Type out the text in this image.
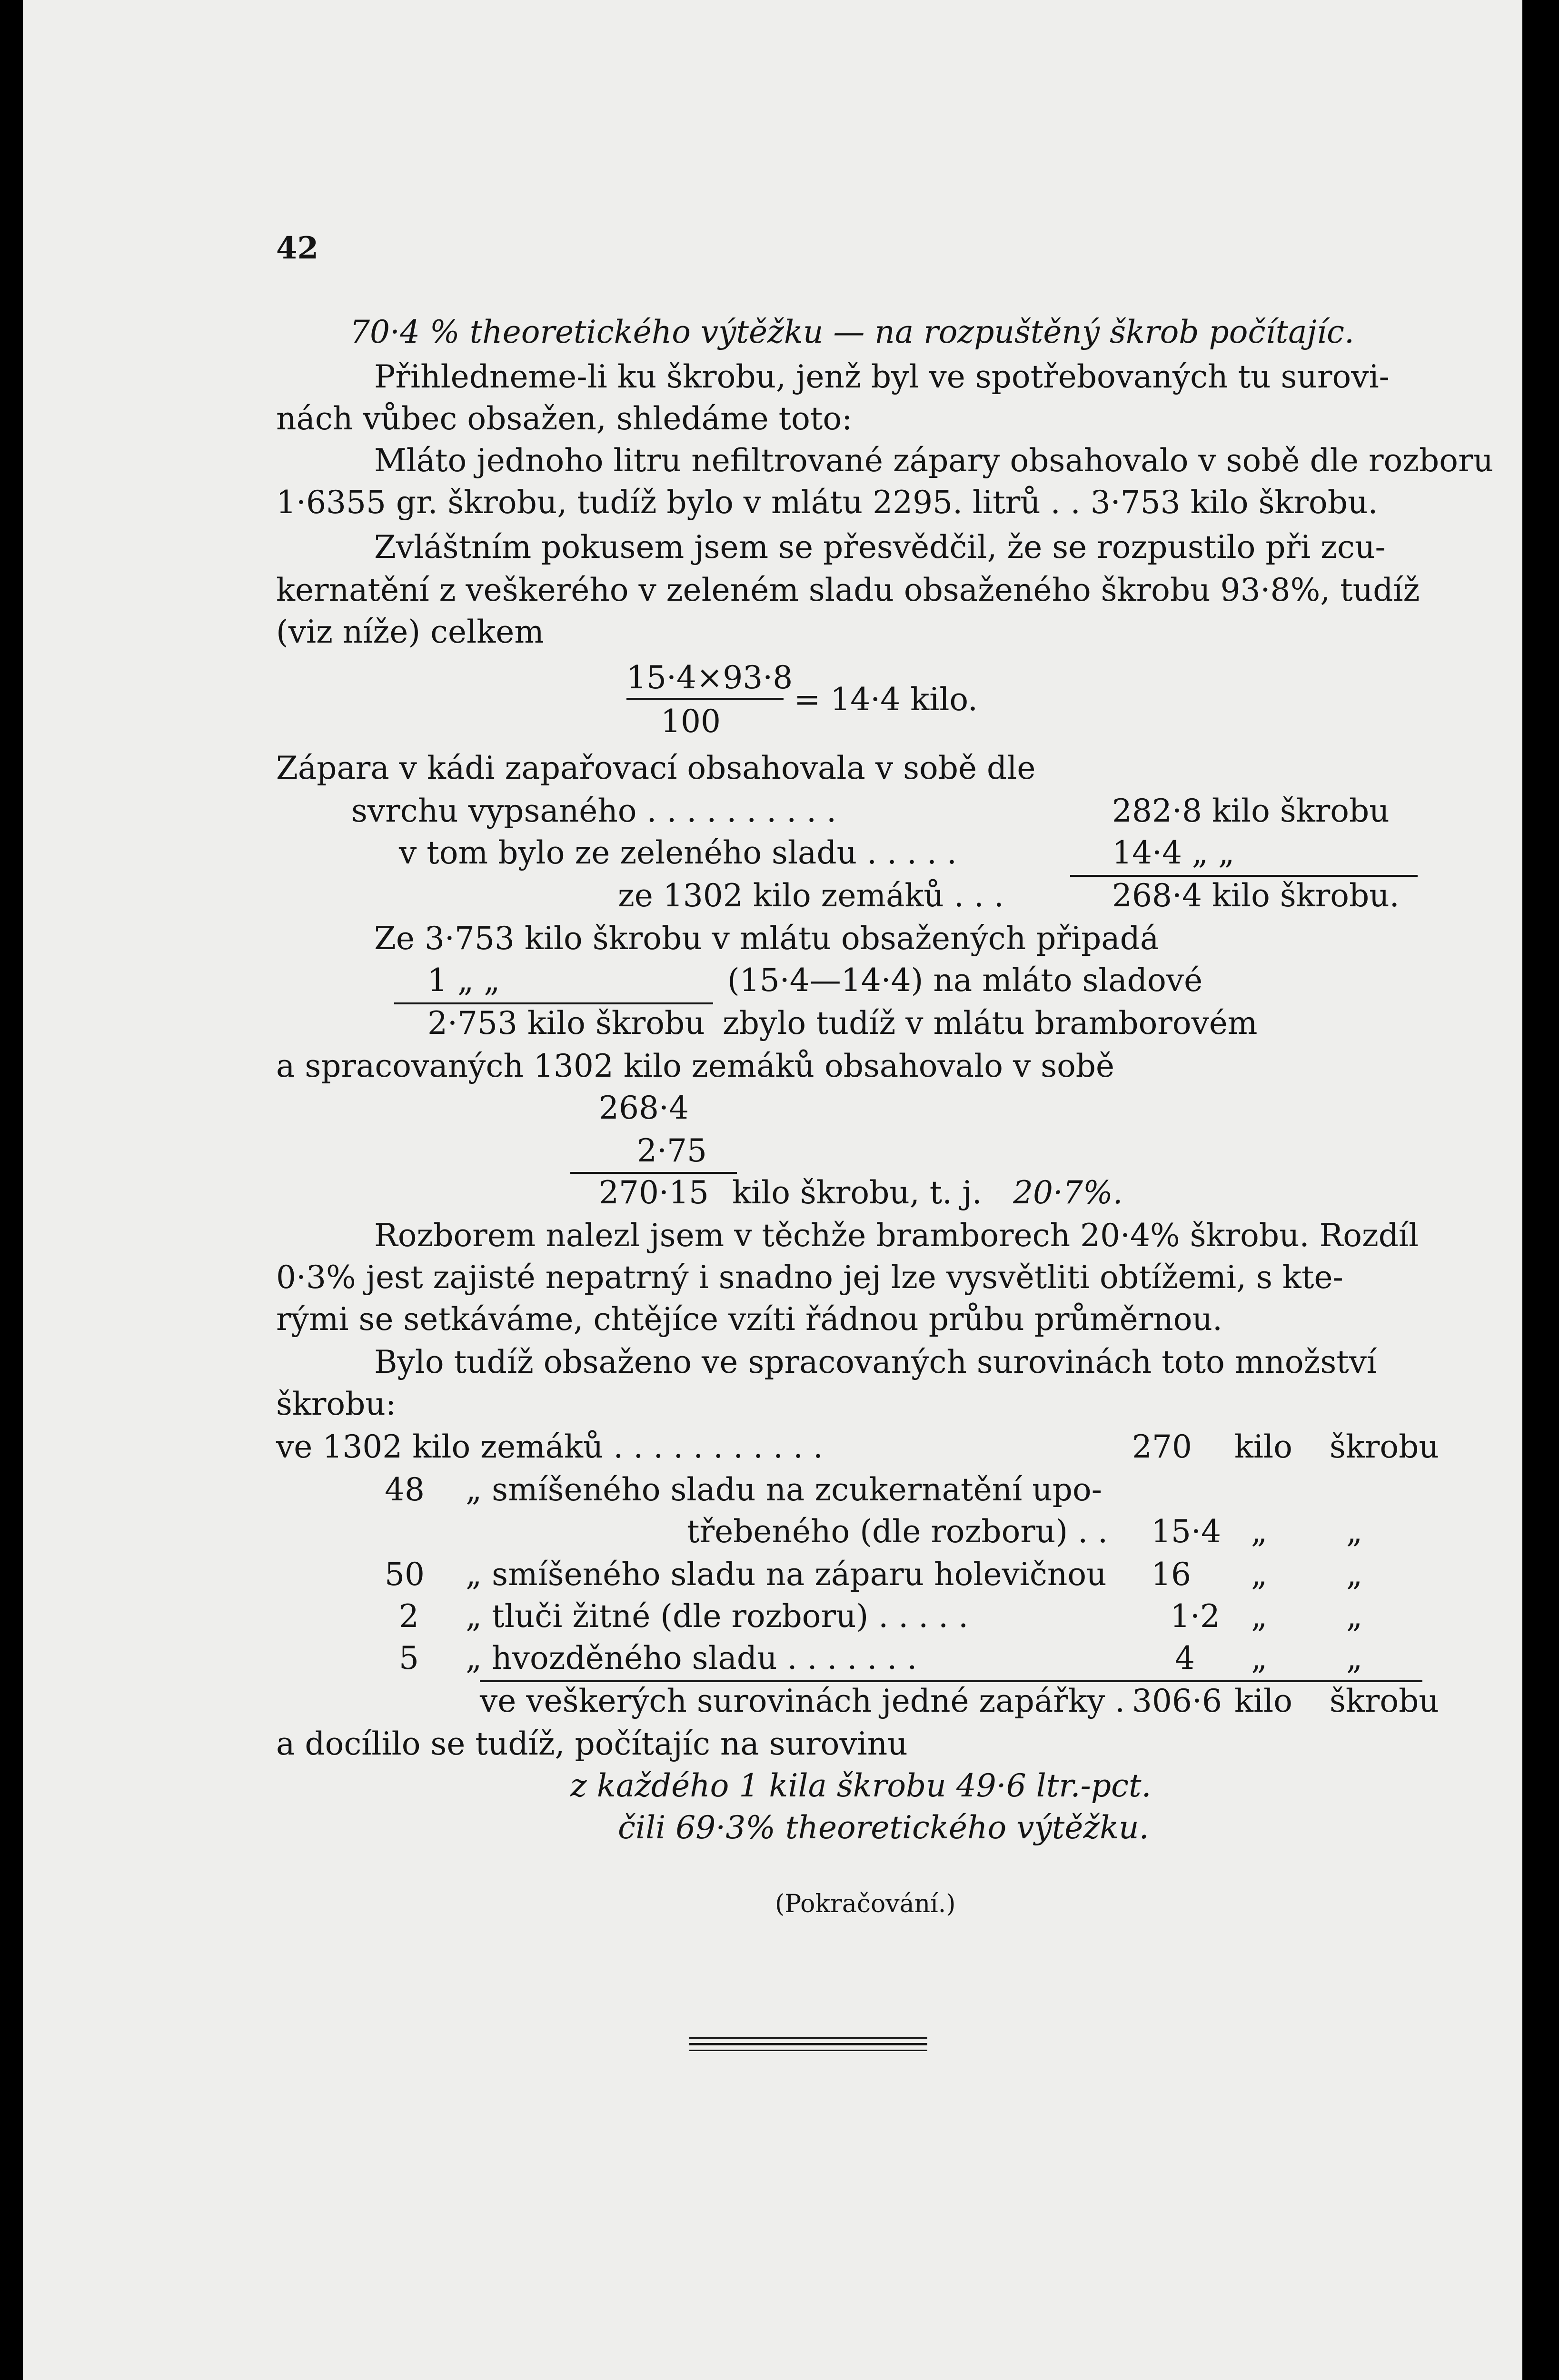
42
70·4 % theoretického výtěžku — na rozpuštěný škrob počítajíc.
Přihledneme-li ku škrobu, jenž byl ve spotřebovaných tu surovi-
nách vůbec obsažen, shledáme toto:
Mláto jednoho litru nefiltrované zápary obsahovalo v sobě dle rozboru
1·6355 gr. škrobu, tudíž bylo v mlátu 2295. litrů . . 3·753 kilo škrobu.
Zvláštním pokusem jsem se přesvědčil, že se rozpustilo při zcu-
kernatění z veškerého v zeleném sladu obsaženého škrobu 93·8%, tudíž
(viz níže) celkem
15·4×93·8
100
= 14·4 kilo.
Zápara v kádi zapařovací obsahovala v sobě dle
svrchu vypsaného . . . . . . . . . .	282·8 kilo škrobu
v tom bylo ze zeleného sladu . . . . .	14·4 „ „
ze 1302 kilo zemáků . . .	268·4 kilo škrobu.
Ze 3·753 kilo škrobu v mlátu obsažených připadá
1 „ „	(15·4—14·4) na mláto sladové
2·753 kilo škrobu zbylo tudíž v mlátu bramborovém
a spracovaných 1302 kilo zemáků obsahovalo v sobě
268·4
2·75
270·15 kilo škrobu, t. j. 20·7%.
Rozborem nalezl jsem v těchže bramborech 20·4% škrobu. Rozdíl
0·3% jest zajisté nepatrný i snadno jej lze vysvětliti obtížemi, s kte-
rými se setkáváme, chtějíce vzíti řádnou průbu průměrnou.
Bylo tudíž obsaženo ve spracovaných surovinách toto množství
škrobu:
ve 1302 kilo zemáků . . . . . . . . . . .	270 kilo škrobu
48 „ smíšeného sladu na zcukernatění upo-
třebeného (dle rozboru) . . 15·4 „	„
50 „ smíšeného sladu na záparu holevičnou 16 „	„
2 „ tluči žitné (dle rozboru) . . . . .	1·2 „	„
5 „ hvozděného sladu . . . . . . .	4 „	„
ve veškerých surovinách jedné zapářky . 306·6 kilo škrobu
a docílilo se tudíž, počítajíc na surovinu
z každého 1 kila škrobu 49·6 ltr.-pct.
čili 69·3% theoretického výtěžku.
(Pokračování.)
